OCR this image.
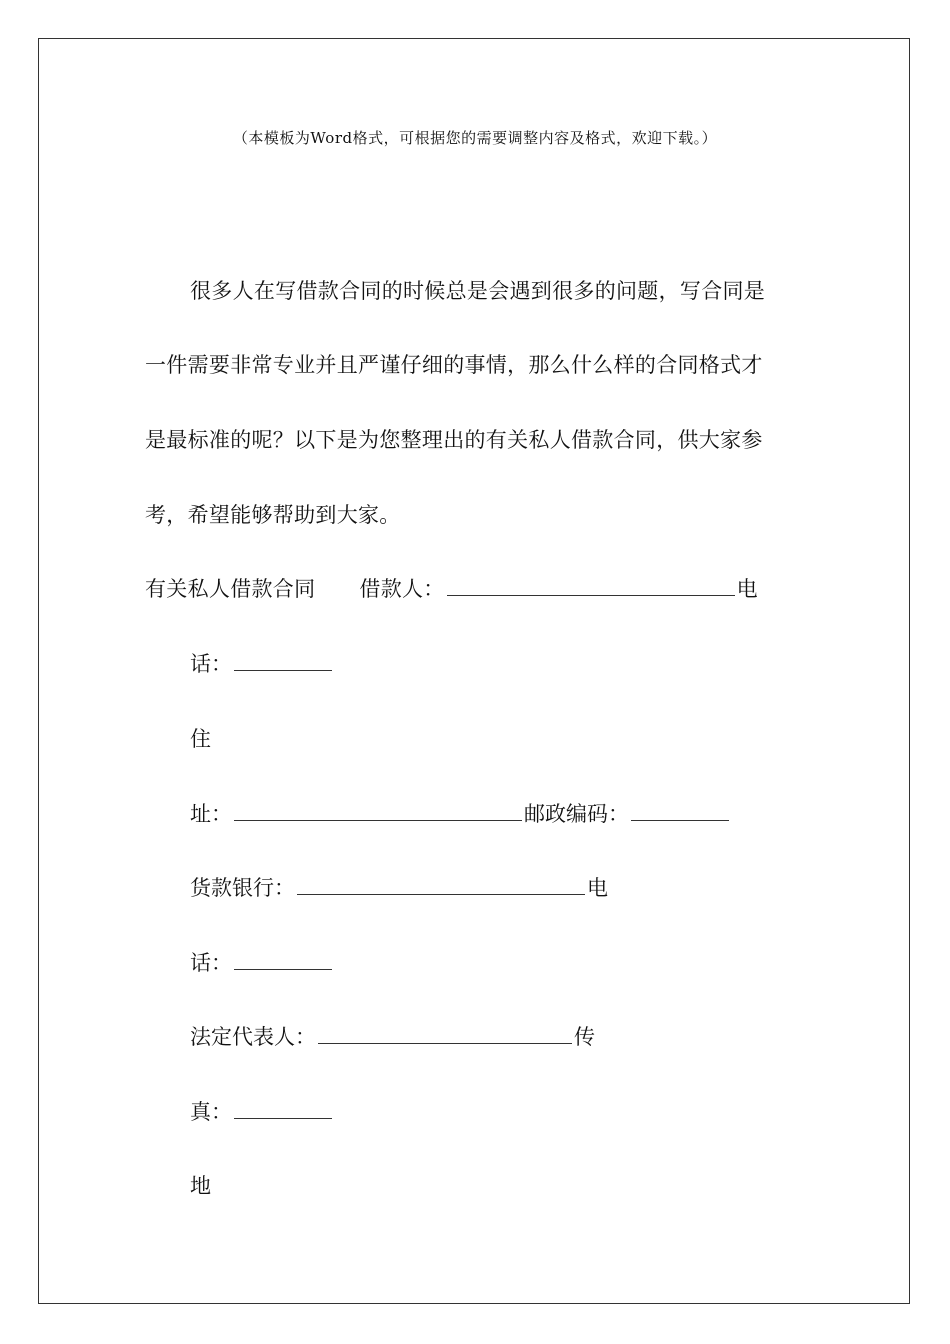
（本模板为Word格式，可根据您的需要调整内容及格式，欢迎下载。）
很多人在写借款合同的时候总是会遇到很多的问题，写合同是
一件需要非常专业并且严谨仔细的事情，那么什么样的合同格式才
是最标准的呢？以下是为您整理出的有关私人借款合同，供大家参
考，希望能够帮助到大家。
有关私人借款合同 借款人：	电
话：
住
址：	邮政编码：
货款银行：	电
话：
法定代表人：	传
真：
地
